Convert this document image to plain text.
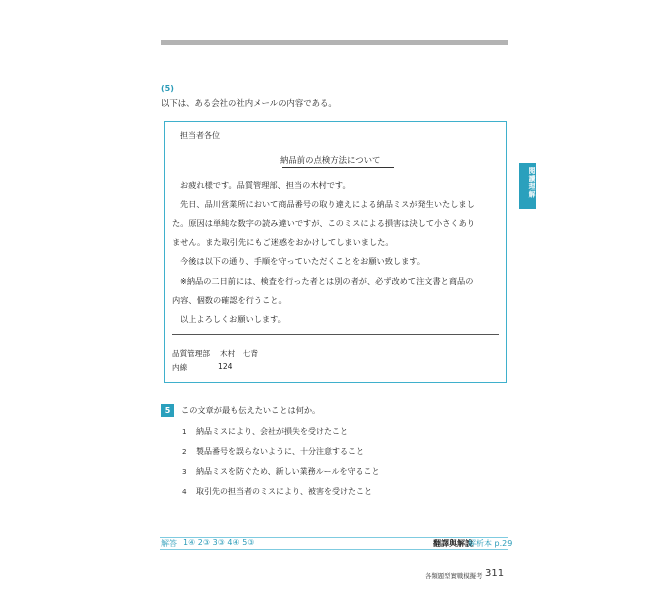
(5)
以下は、ある会社の社内メールの内容である。
担当者各位
納品前の点検方法について
お疲れ様です。品質管理部、担当の木村です。
先日、品川営業所において商品番号の取り違えによる納品ミスが発生いたしまし
た。原因は単純な数字の読み違いですが、このミスによる損害は決して小さくあり
ません。また取引先にもご迷惑をおかけしてしまいました。
今後は以下の通り、手順を守っていただくことをお願い致します。
※納品の二日前には、検査を行った者とは別の者が、必ず改めて注文書と商品の
内容、個数の確認を行うこと。
以上よろしくお願いします。
品質管理部 木村　七背
内線	124
5	この文章が最も伝えたいことは何か。
1 納品ミスにより、会社が損失を受けたこと
2 製品番号を誤らないように、十分注意すること
3 納品ミスを防ぐため、新しい業務ルールを守ること
4 取引先の担当者のミスにより、被害を受けたこと
解答 1④ 2③ 3③ 4④ 5③	翻譯與解說
解析本 p.29
閱讀理解
各類題型實戰模擬考 311
